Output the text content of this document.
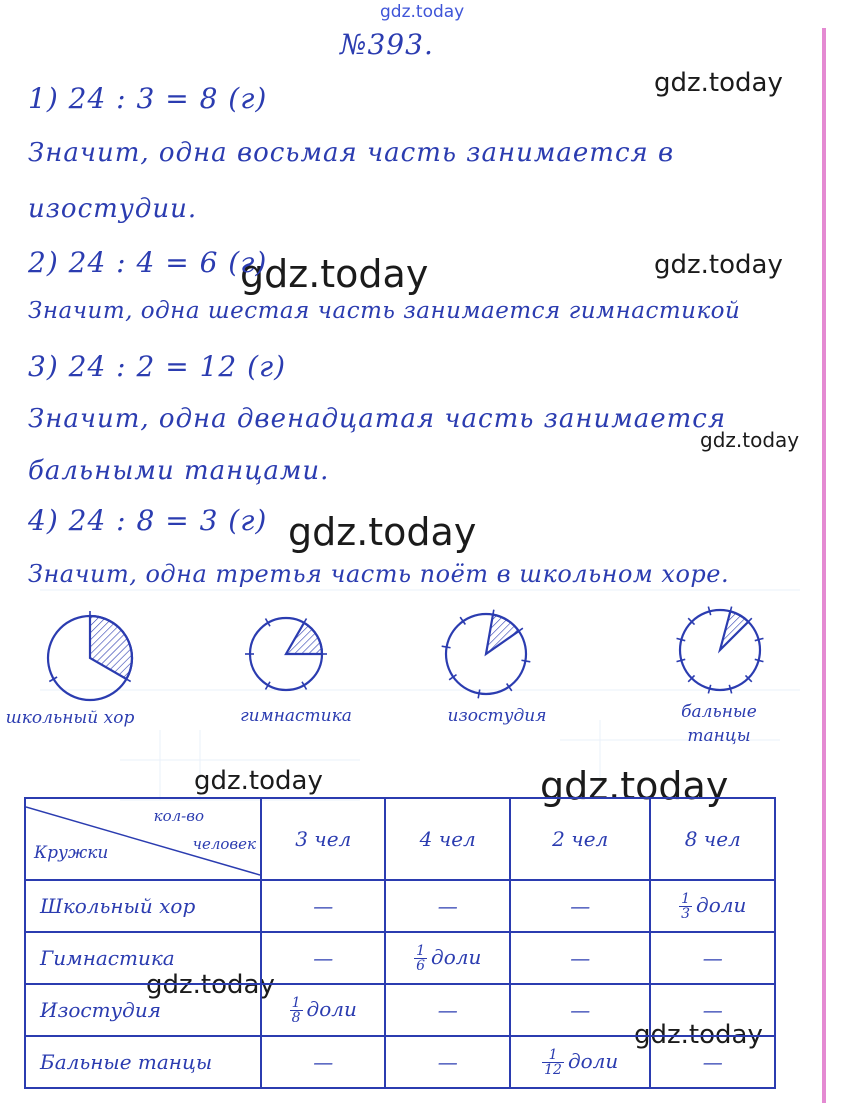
gdz.today
gdz.today
gdz.today
gdz.today
gdz.today
gdz.today
gdz.today	gdz.today
gdz.today
gdz.today
№393.
1) 24 : 3 = 8 (г)
Значит, одна восьмая часть занимается в
изостудии.
2) 24 : 4 = 6 (г)
Значит, одна шестая часть занимается гимнастикой
3) 24 : 2 = 12 (г)
Значит, одна двенадцатая часть занимается
бальными танцами.
4) 24 : 8 = 3 (г)
Значит, одна третья часть поёт в школьном хоре.
школьный хор	гимнастика	изостудия	бальные танцы
кол-во
человек
Кружки	3 чел	4 чел	2 чел	8 чел
Школьный хор	—	—	—	$\frac{1}{3}$ доли
Гимнастика	—	$\frac{1}{6}$ доли	—	—
Изостудия	$\frac{1}{8}$ доли	—	—	—
Бальные танцы	—	—	$\frac{1}{12}$ доли	—
